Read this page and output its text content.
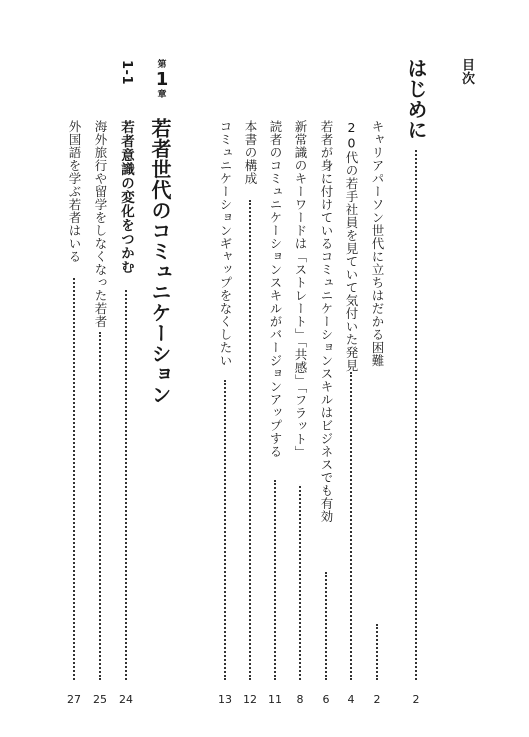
目次
はじめに
2
キャリアパーソン世代に立ちはだかる困難
2
20代の若手社員を見ていて気付いた発見
4
若者が身に付けているコミュニケーションスキルはビジネスでも有効
6
新常識のキーワードは「ストレート」「共感」「フラット」
8
読者のコミュニケーションスキルがバージョンアップする
11
本書の構成
12
コミュニケーションギャップをなくしたい
13
第
1
章
若者世代のコミュニケーション
1-1
若者意識の変化をつかむ
24
海外旅行や留学をしなくなった若者
25
外国語を学ぶ若者はいる
27
